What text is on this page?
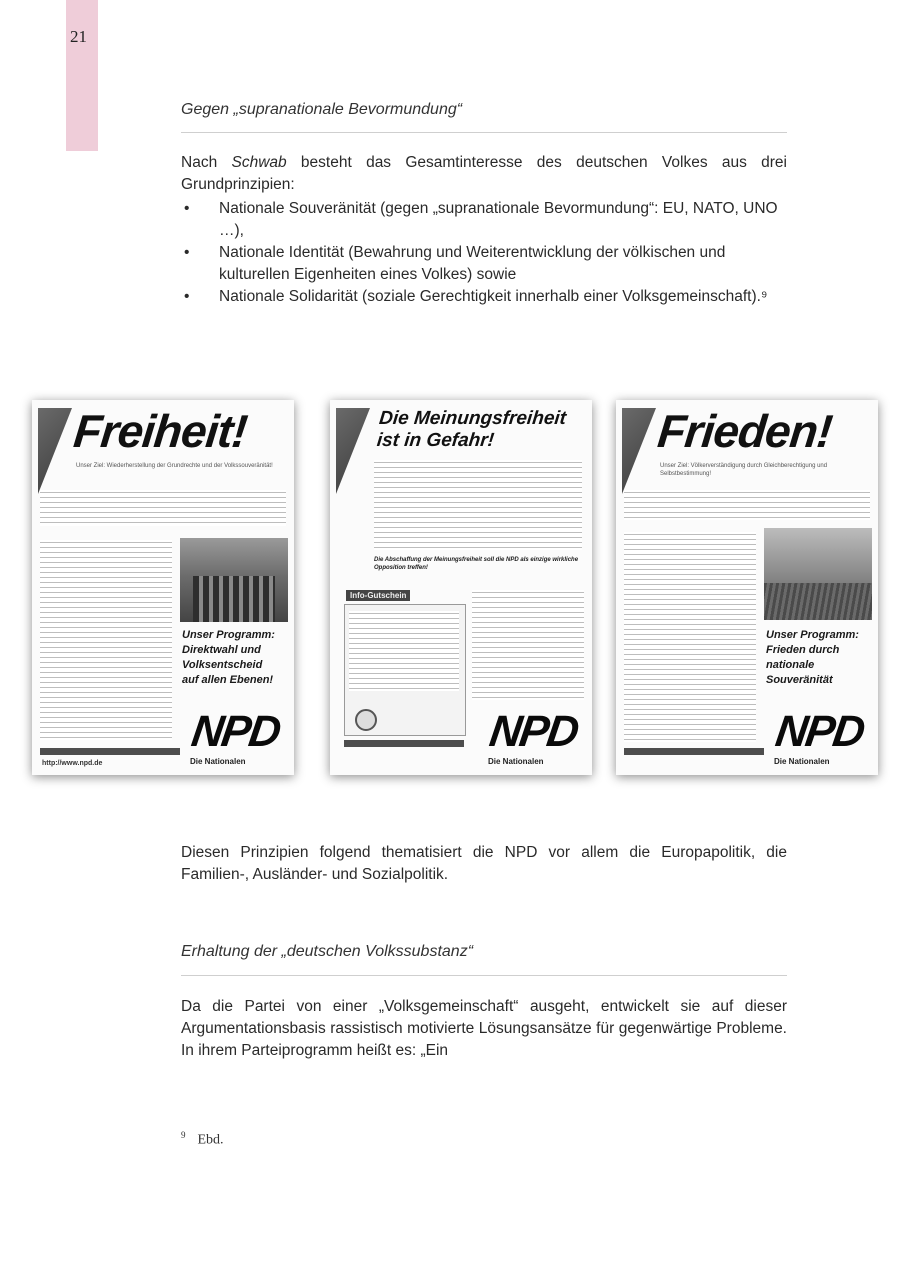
21
Gegen „supranationale Bevormundung“
Nach Schwab besteht das Gesamtinteresse des deutschen Volkes aus drei Grundprinzipien:
• Nationale Souveränität (gegen „supranationale Bevormundung“: EU, NATO, UNO …),
• Nationale Identität (Bewahrung und Weiterentwicklung der völkischen und kulturellen Eigenheiten eines Volkes) sowie
• Nationale Solidarität (soziale Gerechtigkeit innerhalb einer Volksgemeinschaft).⁹
Freiheit!
Unser Ziel: Wiederherstellung der Grundrechte und der Volkssouveränität!
Unser Programm:
Direktwahl und
Volksentscheid
auf allen Ebenen!
NPD
Die Nationalen
http://www.npd.de
Die Meinungsfreiheit
ist in Gefahr!
Die Abschaffung der Meinungsfreiheit soll die NPD als einzige wirkliche Opposition treffen!
Info-Gutschein
NPD
Die Nationalen
Frieden!
Unser Ziel: Völkerverständigung durch Gleichberechtigung und Selbstbestimmung!
Unser Programm:
Frieden durch
nationale
Souveränität
NPD
Die Nationalen
Diesen Prinzipien folgend thematisiert die NPD vor allem die Europapolitik, die Familien-, Ausländer- und Sozialpolitik.
Erhaltung der „deutschen Volkssubstanz“
Da die Partei von einer „Volksgemeinschaft“ ausgeht, entwickelt sie auf dieser Argumentationsbasis rassistisch motivierte Lösungsansätze für gegenwärtige Probleme. In ihrem Parteiprogramm heißt es: „Ein
$^9$ Ebd.
